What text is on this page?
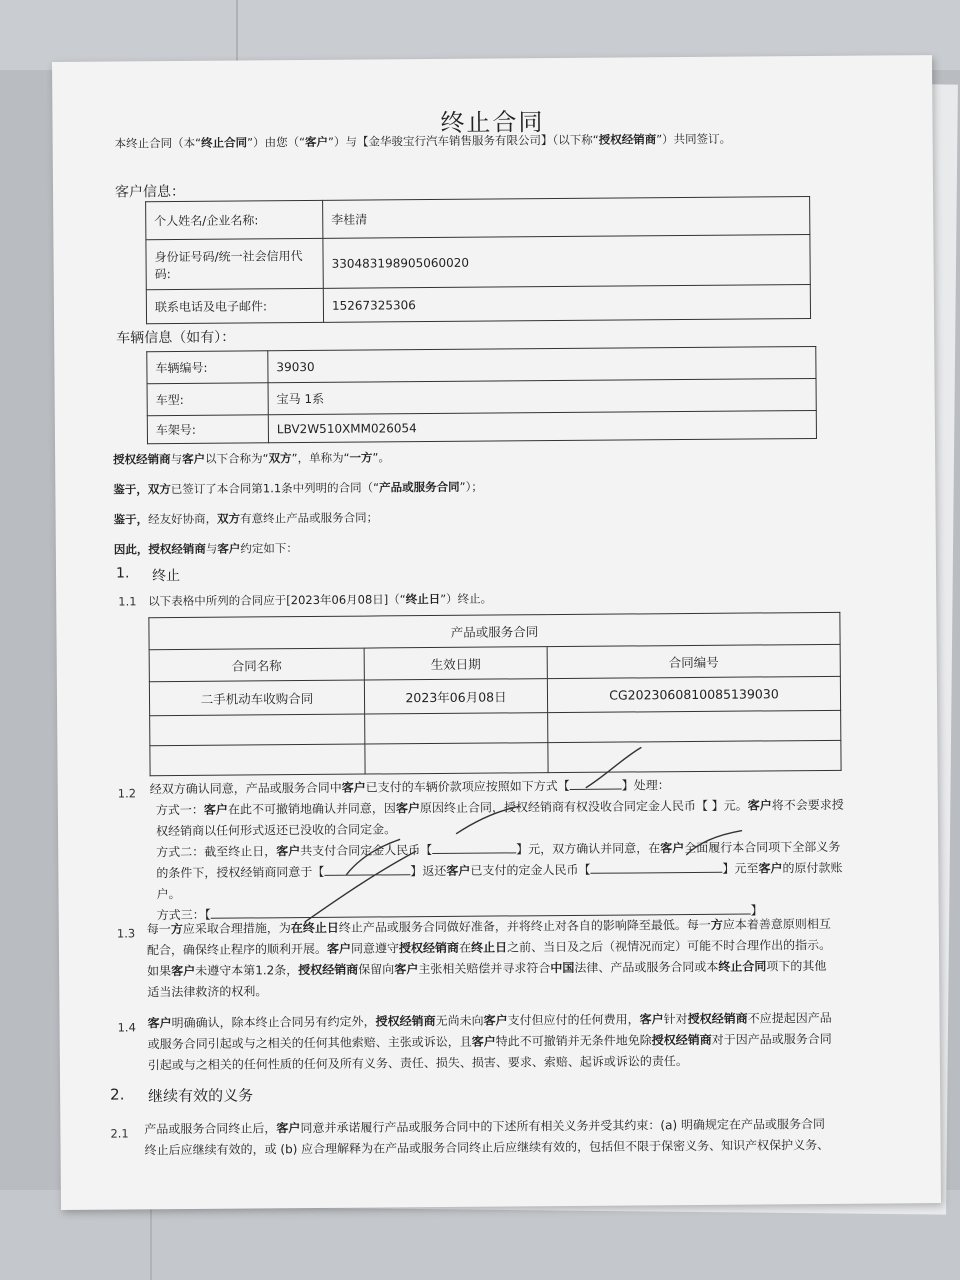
终止合同
本终止合同（本“终止合同”）由您（“客户”）与【金华骏宝行汽车销售服务有限公司】（以下称“授权经销商”）共同签订。
客户信息：
个人姓名/企业名称:	李桂清
身份证号码/统一社会信用代码:	330483198905060020
联系电话及电子邮件:	15267325306
车辆信息（如有）：
车辆编号:	39030
车型:	宝马 1系
车架号:	LBV2W510XMM026054
授权经销商与客户以下合称为“双方”，单称为“一方”。
鉴于，双方已签订了本合同第1.1条中列明的合同（“产品或服务合同”）；
鉴于，经友好协商，双方有意终止产品或服务合同；
因此，授权经销商与客户约定如下：
1. 终止
1.1 以下表格中所列的合同应于[2023年06月08日]（“终止日”）终止。
产品或服务合同		
合同名称	生效日期	合同编号
二手机动车收购合同	2023年06月08日	CG2023060810085139030

1.2 经双方确认同意，产品或服务合同中客户已支付的车辆价款项应按照如下方式【	】处理：
方式一：客户在此不可撤销地确认并同意，因客户原因终止合同，授权经销商有权没收合同定金人民币【 】元。客户将不会要求授
权经销商以任何形式返还已没收的合同定金。
方式二：截至终止日，客户共支付合同定金人民币【	】元，双方确认并同意，在客户全面履行本合同项下全部义务
的条件下，授权经销商同意于【	】返还客户已支付的定金人民币【	】元至客户的原付款账
户。
方式三：【	】
1.3 每一方应采取合理措施，为在终止日终止产品或服务合同做好准备，并将终止对各自的影响降至最低。每一方应本着善意原则相互
配合，确保终止程序的顺利开展。客户同意遵守授权经销商在终止日之前、当日及之后（视情况而定）可能不时合理作出的指示。
如果客户未遵守本第1.2条，授权经销商保留向客户主张相关赔偿并寻求符合中国法律、产品或服务合同或本终止合同项下的其他
适当法律救济的权利。
1.4 客户明确确认，除本终止合同另有约定外，授权经销商无尚未向客户支付但应付的任何费用，客户针对授权经销商不应提起因产品
或服务合同引起或与之相关的任何其他索赔、主张或诉讼，且客户特此不可撤销并无条件地免除授权经销商对于因产品或服务合同
引起或与之相关的任何性质的任何及所有义务、责任、损失、损害、要求、索赔、起诉或诉讼的责任。
2. 继续有效的义务
2.1 产品或服务合同终止后，客户同意并承诺履行产品或服务合同中的下述所有相关义务并受其约束：(a) 明确规定在产品或服务合同
终止后应继续有效的，或 (b) 应合理解释为在产品或服务合同终止后应继续有效的，包括但不限于保密义务、知识产权保护义务、
